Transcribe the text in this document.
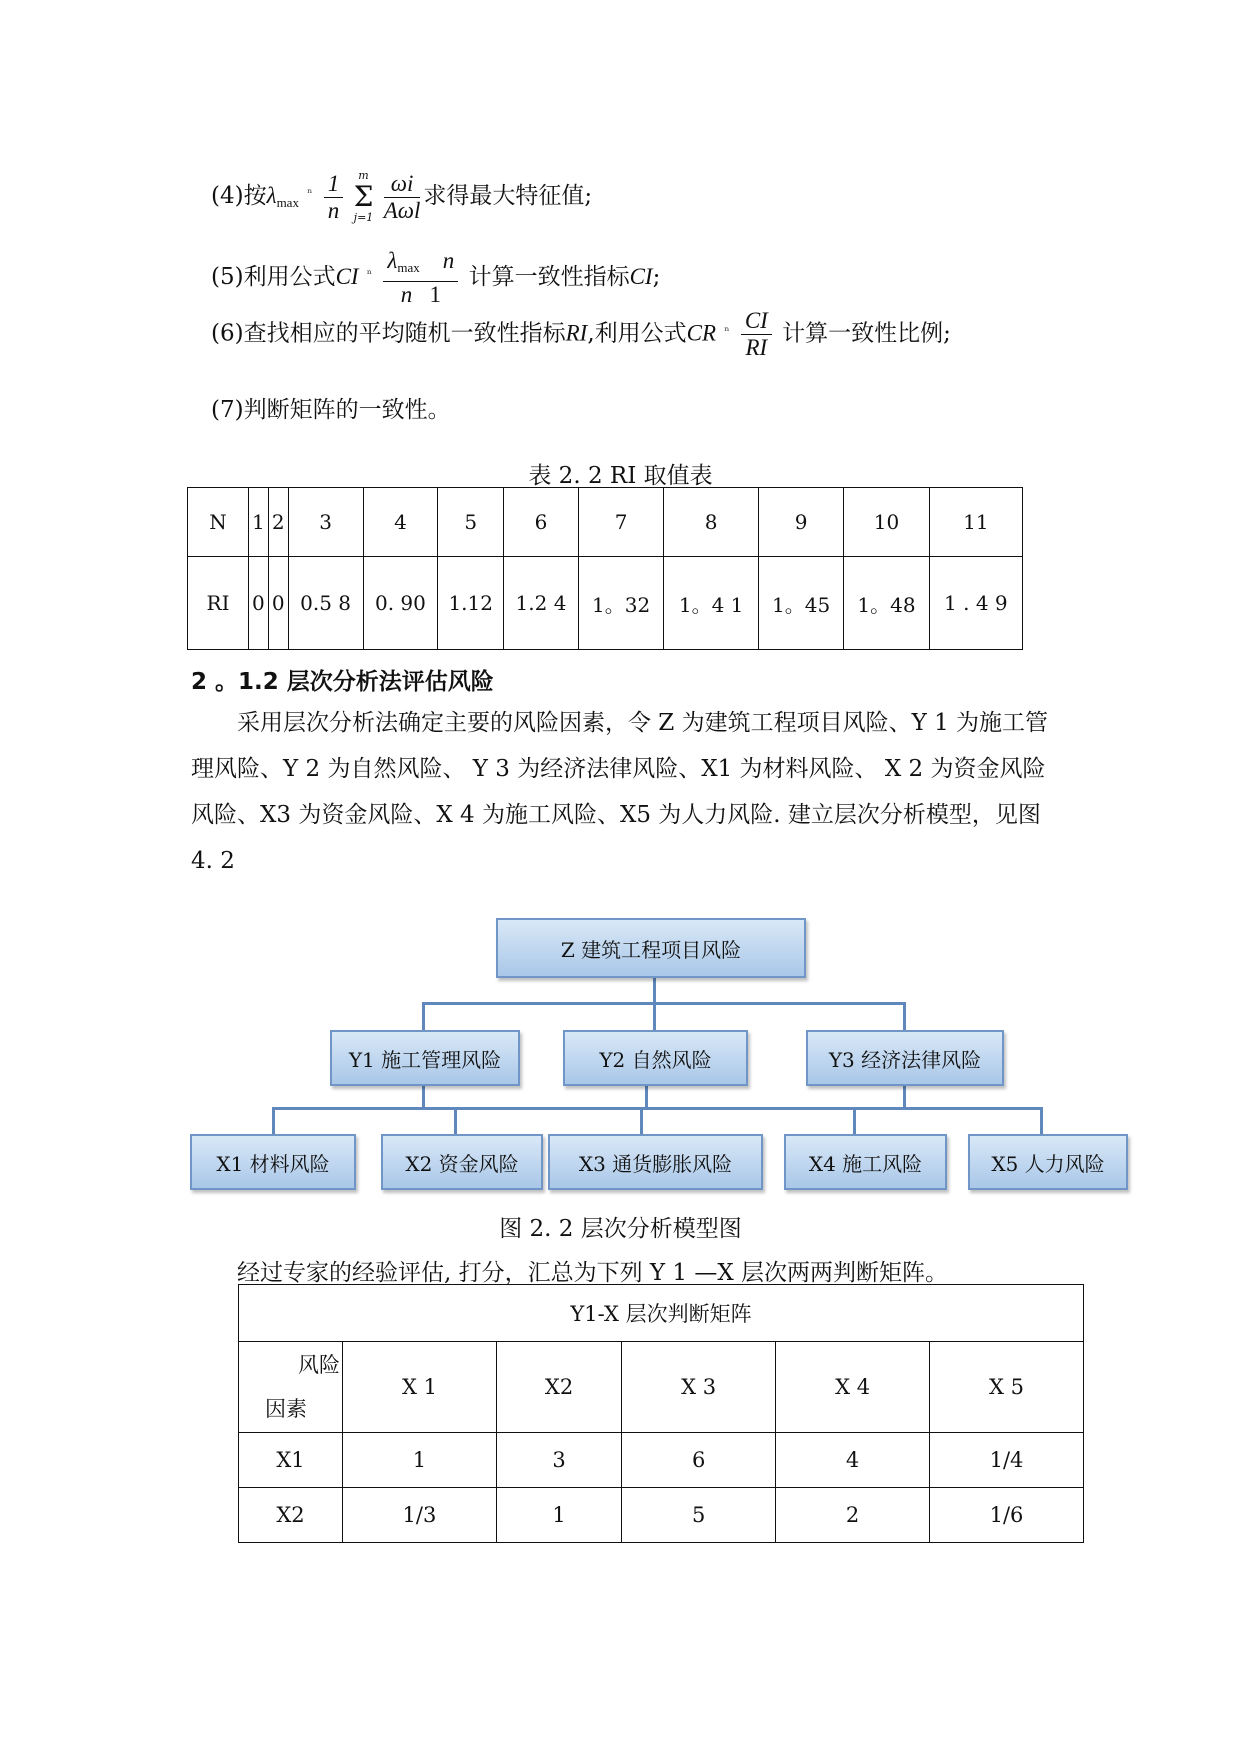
(4)按$\lambda_{max}$ $^{^n} \frac{1}{n}$
	m
Σ
j=1
$\frac{\omega i}{\text{Aωl}}$ 求得最大特征值;
(5)利用公式CI $^{^n} \frac{\lambda_{max} n}{n 1}$ 计算一致性指标CI;
(6)查找相应的平均随机一致性指标RI,利用公式CR $^{^n} \frac{CI}{RI}$ 计算一致性比例;
(7)判断矩阵的一致性。
表 2. 2 RI 取值表
N	1	2	3	4	5	6	7	8	9	10	11
RI	0	0	0.5 8	0. 90	1.12	1.2 4	1。32	1。4 1	1。45	1。48	1 . 4 9
2 。1.2 层次分析法评估风险
采用层次分析法确定主要的风险因素，令 Z 为建筑工程项目风险、Y 1 为施工管理风险、Y 2 为自然风险、 Y 3 为经济法律风险、X1 为材料风险、 X 2 为资金风险风险、X3 为资金风险、X 4 为施工风险、X5 为人力风险. 建立层次分析模型，见图 4. 2
Z 建筑工程项目风险
Y1 施工管理风险	Y2 自然风险	Y3 经济法律风险
X1 材料风险	X2 资金风险	X3 通货膨胀风险	X4 施工风险	X5 人力风险
图 2. 2 层次分析模型图
经过专家的经验评估, 打分，汇总为下列 Y 1 —X 层次两两判断矩阵。
Y1-X 层次判断矩阵					

风险
因素	X 1	X2	X 3	X 4	X 5
X1	1	3	6	4	1/4
X2	1/3	1	5	2	1/6
